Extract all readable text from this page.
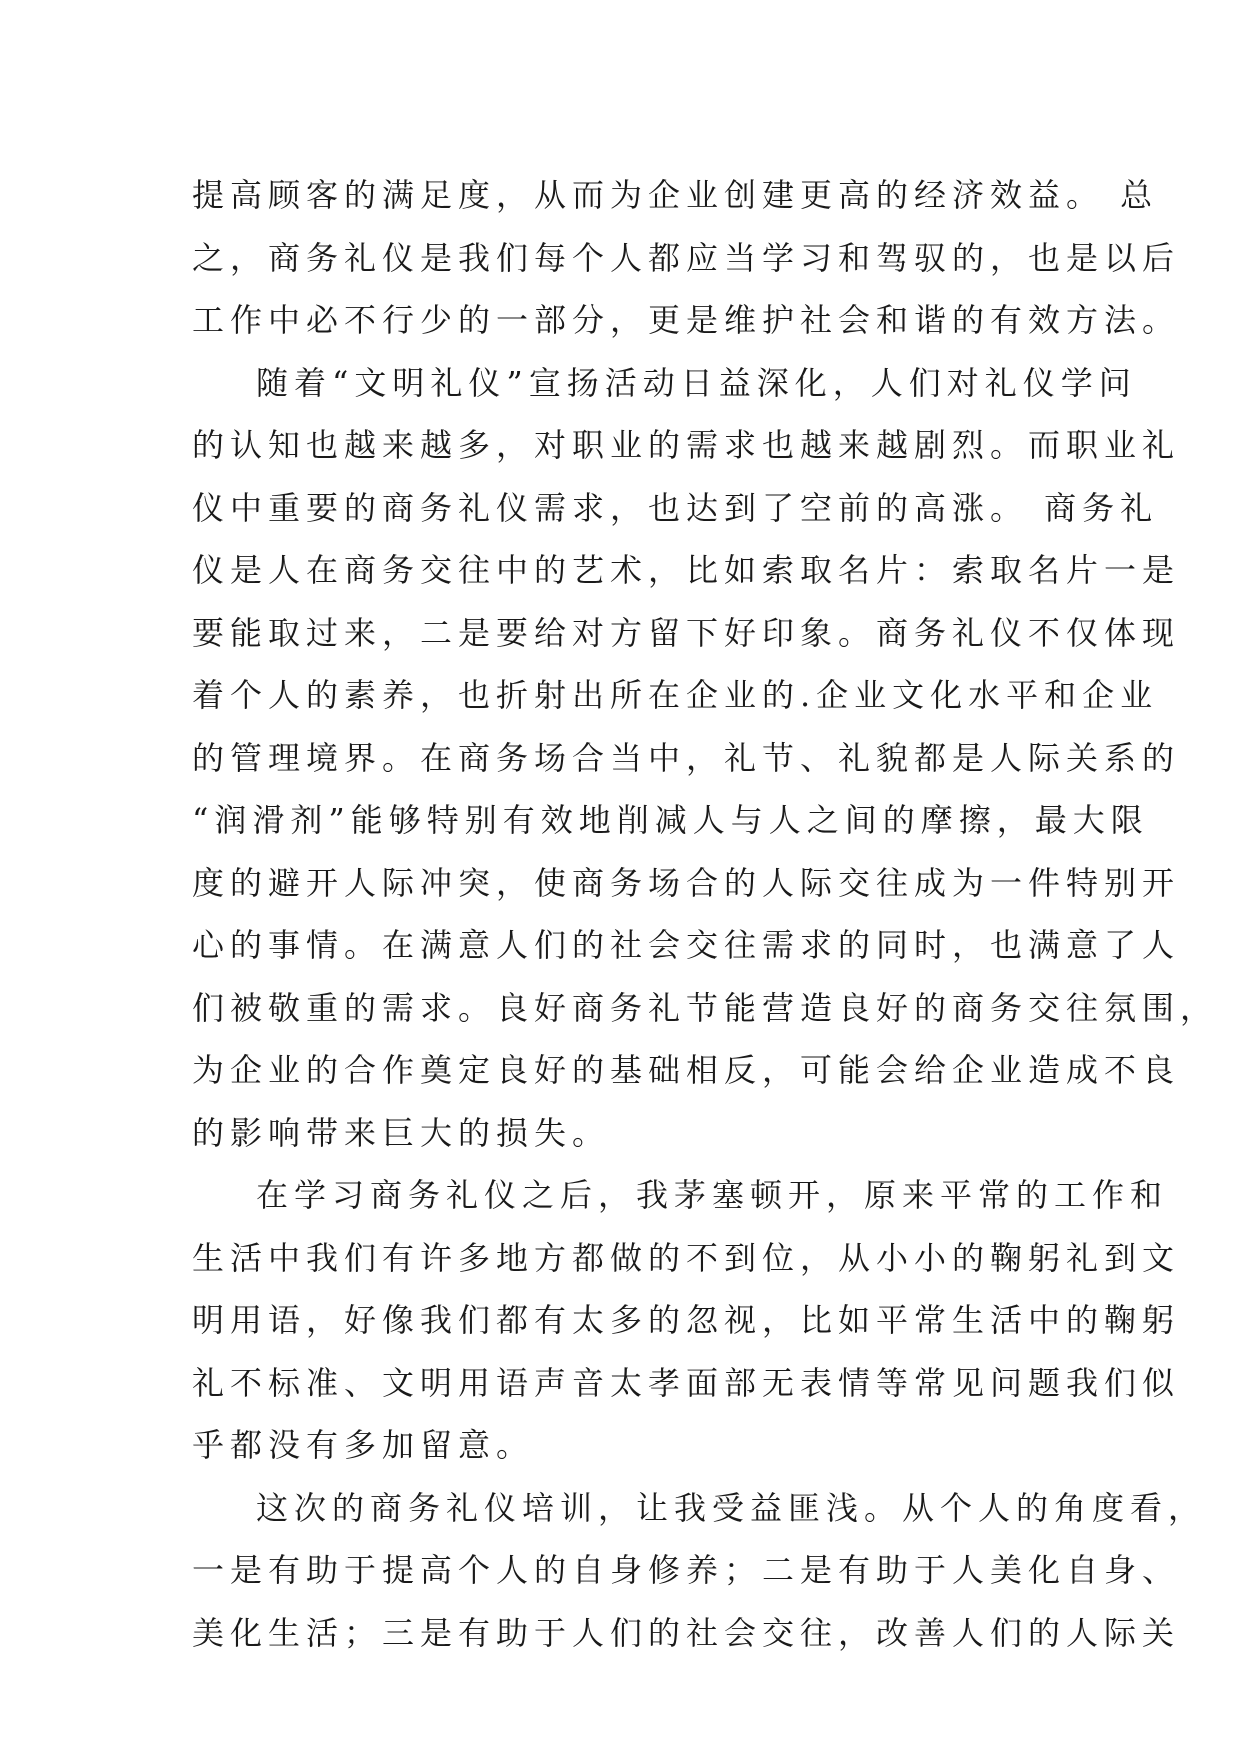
提高顾客的满足度，从而为企业创建更高的经济效益。 总
之，商务礼仪是我们每个人都应当学习和驾驭的，也是以后
工作中必不行少的一部分，更是维护社会和谐的有效方法。
随着“文明礼仪”宣扬活动日益深化，人们对礼仪学问
的认知也越来越多，对职业的需求也越来越剧烈。而职业礼
仪中重要的商务礼仪需求，也达到了空前的高涨。 商务礼
仪是人在商务交往中的艺术，比如索取名片：索取名片一是
要能取过来，二是要给对方留下好印象。商务礼仪不仅体现
着个人的素养，也折射出所在企业的.企业文化水平和企业
的管理境界。在商务场合当中，礼节、礼貌都是人际关系的
“润滑剂”能够特别有效地削减人与人之间的摩擦，最大限
度的避开人际冲突，使商务场合的人际交往成为一件特别开
心的事情。在满意人们的社会交往需求的同时，也满意了人
们被敬重的需求。良好商务礼节能营造良好的商务交往氛围，
为企业的合作奠定良好的基础相反，可能会给企业造成不良
的影响带来巨大的损失。
在学习商务礼仪之后，我茅塞顿开，原来平常的工作和
生活中我们有许多地方都做的不到位，从小小的鞠躬礼到文
明用语，好像我们都有太多的忽视，比如平常生活中的鞠躬
礼不标准、文明用语声音太孝面部无表情等常见问题我们似
乎都没有多加留意。
这次的商务礼仪培训，让我受益匪浅。从个人的角度看，
一是有助于提高个人的自身修养；二是有助于人美化自身、
美化生活；三是有助于人们的社会交往，改善人们的人际关
